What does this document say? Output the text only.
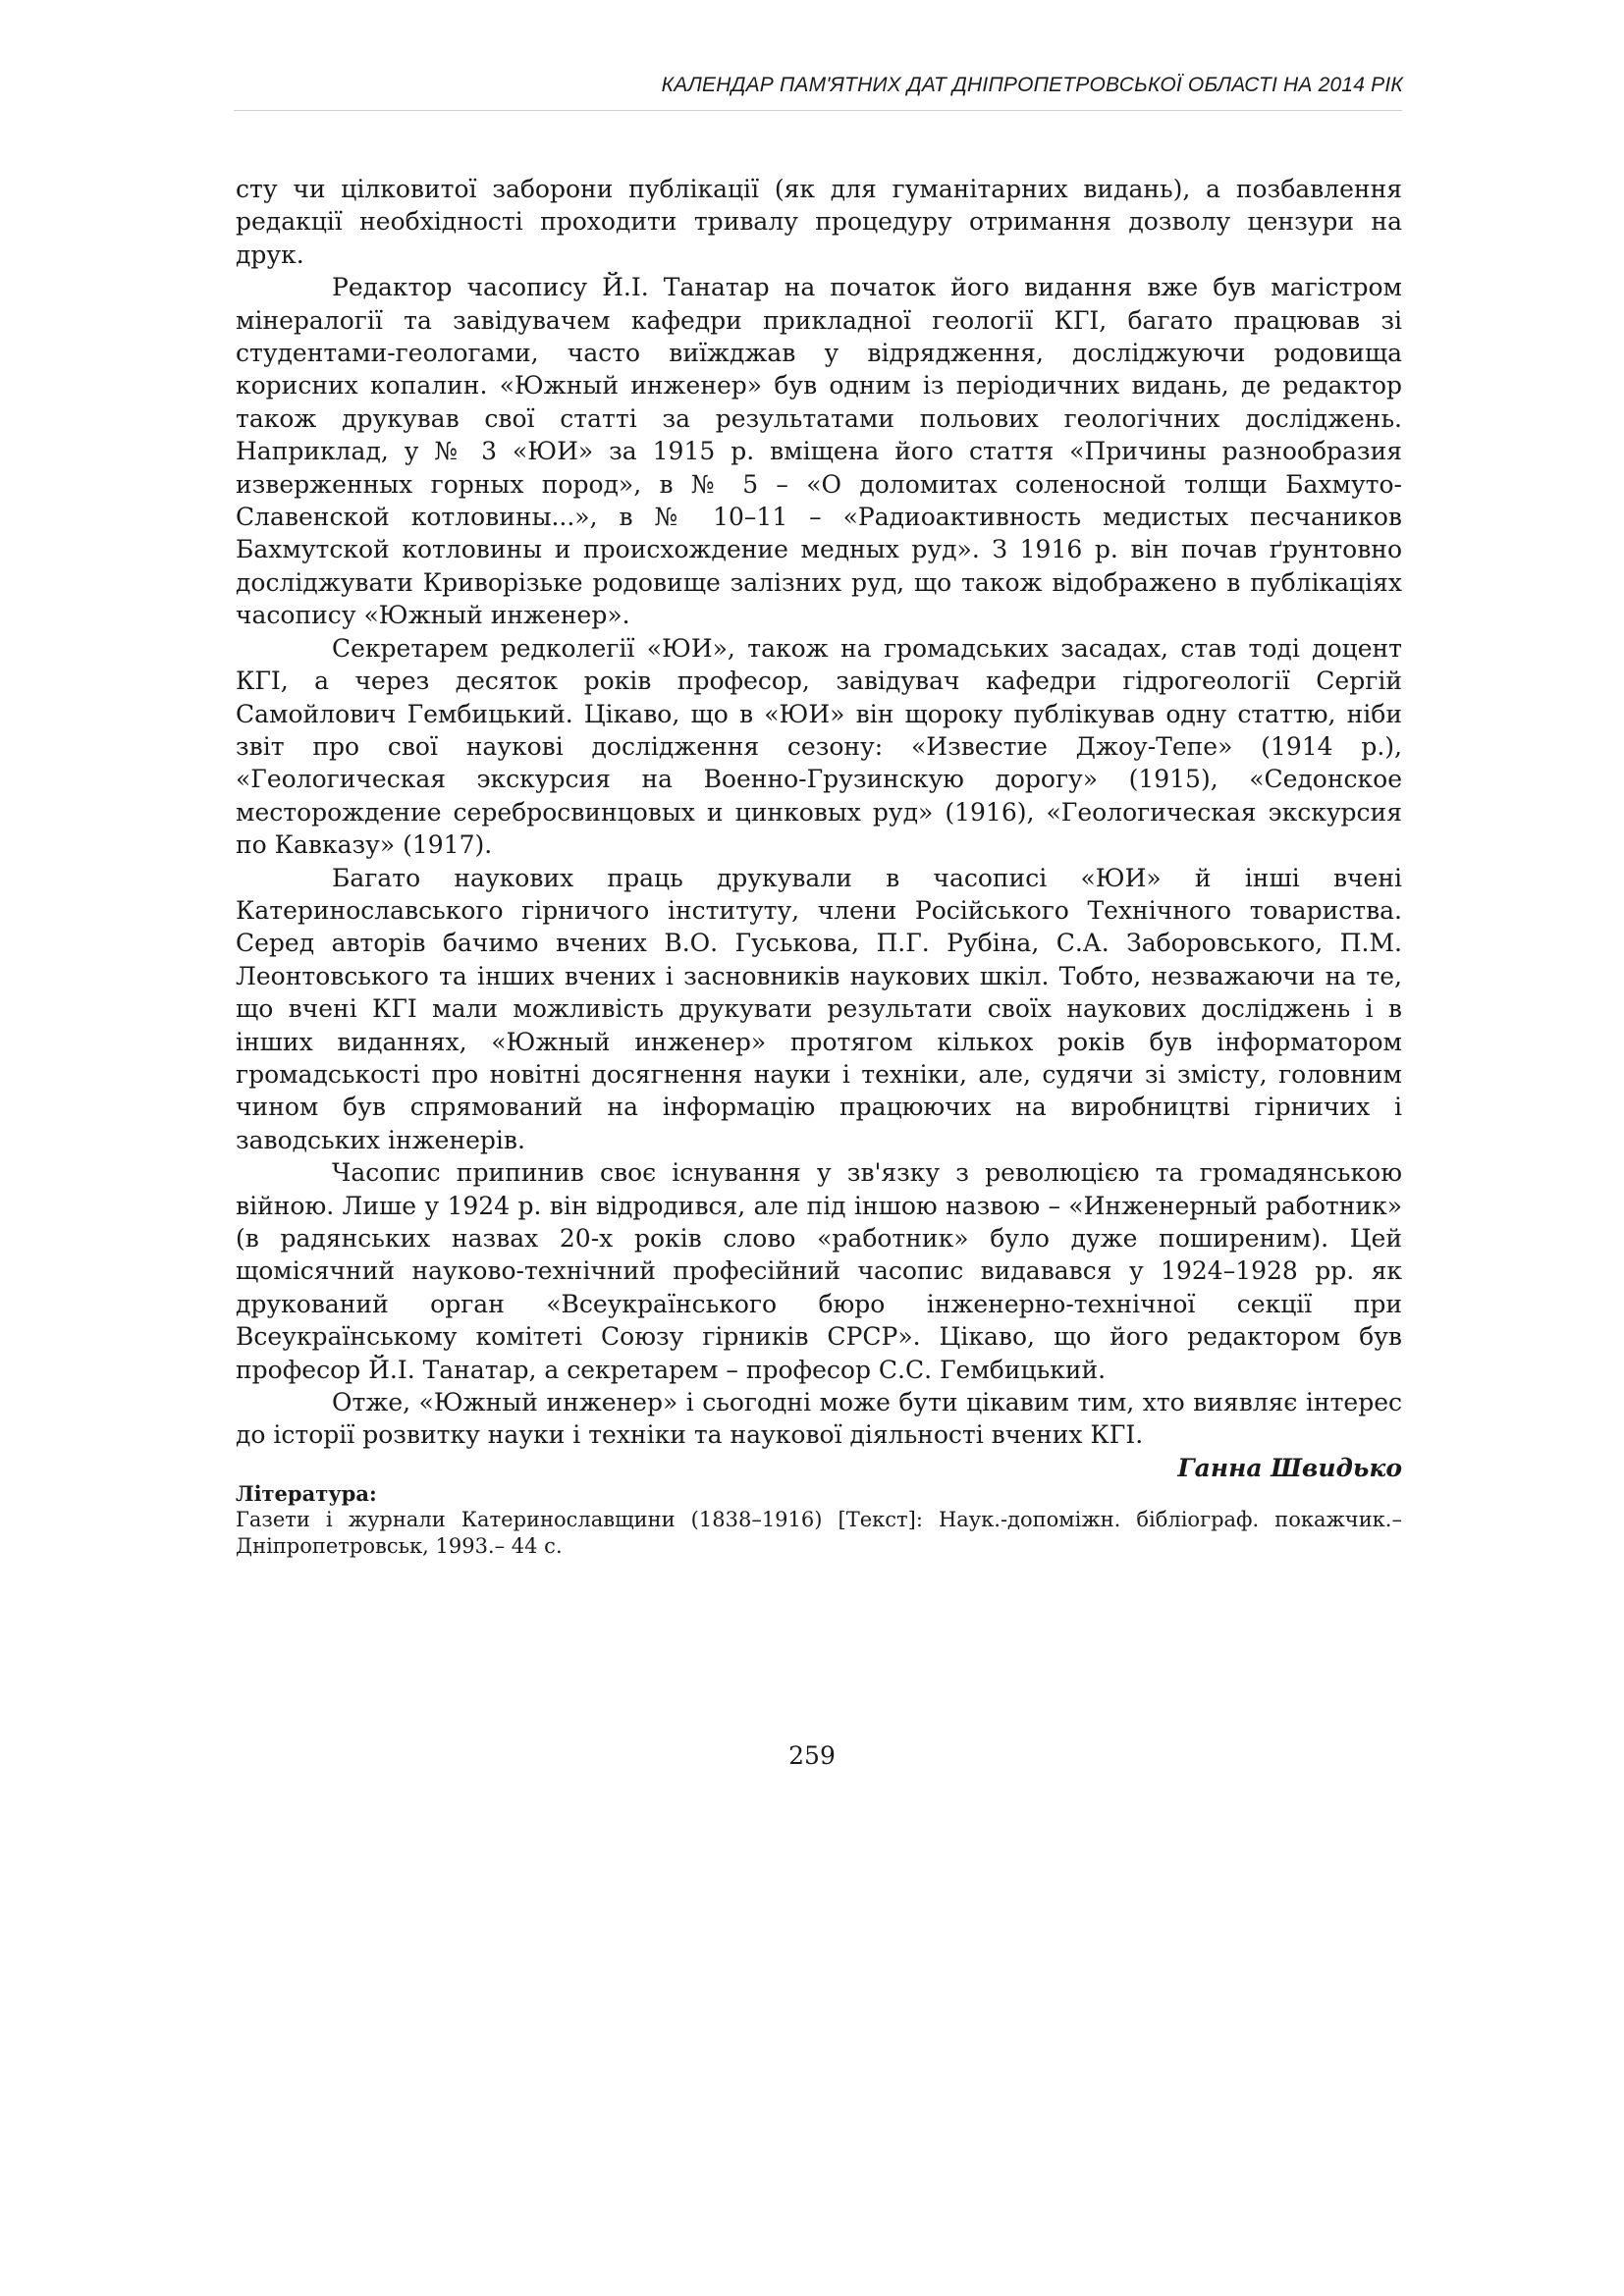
КАЛЕНДАР ПАМ'ЯТНИХ ДАТ ДНІПРОПЕТРОВСЬКОЇ ОБЛАСТІ НА 2014 РІК

сту чи цілковитої заборони публікації (як для гуманітарних видань), а позбавлення редакції необхідності проходити тривалу процедуру отримання дозволу цензури на друк.

Редактор часопису Й.І. Танатар на початок його видання вже був магістром мінералогії та завідувачем кафедри прикладної геології КГІ, багато працював зі студентами-геологами, часто виїжджав у відрядження, досліджуючи родовища корисних копалин. «Южный инженер» був одним із періодичних видань, де редактор також друкував свої статті за результатами польових геологічних досліджень. Наприклад, у № 3 «ЮИ» за 1915 р. вміщена його стаття «Причины разнообразия изверженных горных пород», в № 5 – «О доломитах соленосной толщи Бахмуто-Славенской котловины...», в № 10–11 – «Радиоактивность медистых песчаников Бахмутской котловины и происхождение медных руд». З 1916 р. він почав ґрунтовно досліджувати Криворізьке родовище залізних руд, що також відображено в публікаціях часопису «Южный инженер».

Секретарем редколегії «ЮИ», також на громадських засадах, став тоді доцент КГІ, а через десяток років професор, завідувач кафедри гідрогеології Сергій Самойлович Гембицький. Цікаво, що в «ЮИ» він щороку публікував одну статтю, ніби звіт про свої наукові дослідження сезону: «Известие Джоу-Тепе» (1914 р.), «Геологическая экскурсия на Военно-Грузинскую дорогу» (1915), «Седонское месторождение серебросвинцовых и цинковых руд» (1916), «Геологическая экскурсия по Кавказу» (1917).

Багато наукових праць друкували в часописі «ЮИ» й інші вчені Катеринославського гірничого інституту, члени Російського Технічного товариства. Серед авторів бачимо вчених В.О. Гуськова, П.Г. Рубіна, С.А. Заборовського, П.М. Леонтовського та інших вчених і засновників наукових шкіл. Тобто, незважаючи на те, що вчені КГІ мали можливість друкувати результати своїх наукових досліджень і в інших виданнях, «Южный инженер» протягом кількох років був інформатором громадськості про новітні досягнення науки і техніки, але, судячи зі змісту, головним чином був спрямований на інформацію працюючих на виробництві гірничих і заводських інженерів.

Часопис припинив своє існування у зв'язку з революцією та громадянською війною. Лише у 1924 р. він відродився, але під іншою назвою – «Инженерный работник» (в радянських назвах 20-х років слово «работник» було дуже поширеним). Цей щомісячний науково-технічний професійний часопис видавався у 1924–1928 рр. як друкований орган «Всеукраїнського бюро інженерно-технічної секції при Всеукраїнському комітеті Союзу гірників СРСР». Цікаво, що його редактором був професор Й.І. Танатар, а секретарем – професор С.С. Гембицький.

Отже, «Южный инженер» і сьогодні може бути цікавим тим, хто виявляє інтерес до історії розвитку науки і техніки та наукової діяльності вчених КГІ.

Ганна Швидько

Література:

Газети і журнали Катеринославщини (1838–1916) [Текст]: Наук.-допоміжн. бібліограф. покажчик.– Дніпропетровськ, 1993.– 44 с.

259
